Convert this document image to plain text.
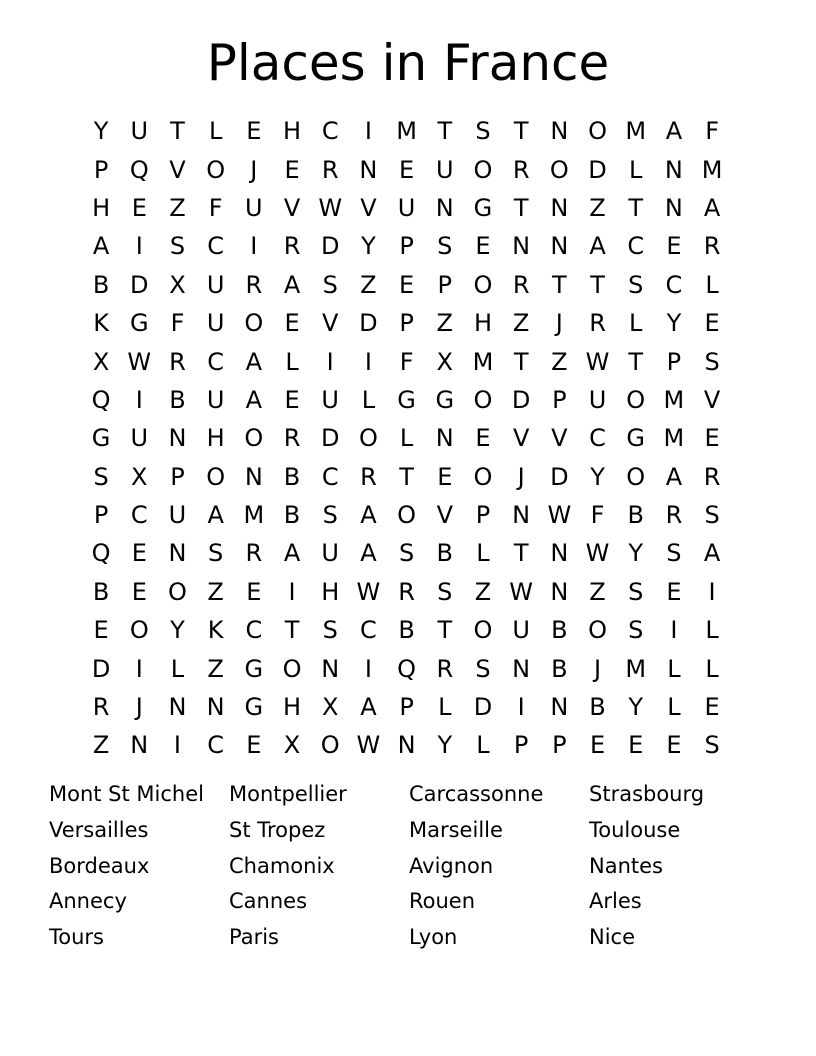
Places in France
Y U T	L E H C	I	M T S T N O M A F
P Q V O	J	E R N E U O R O D L N M
H E Z F U V W V U N G T N Z T N A
A	I	S C	I	R D Y P S E N N A C E R
B D X U R A S Z E P O R T T S C L
K G F U O E V D P Z H Z	J	R L	Y E
X W R C A L	I	I	F X M T Z W T P S
Q	I	B U A E U L G G O D P U O M V
G U N H O R D O L N E V V C G M E
S X P O N B C R T E O	J	D Y O A R
P C U A M B S A O V P N W F B R S
Q E N S R A U A S B L	T N W Y S A
B E O Z E	I	H W R S Z W N Z S E	I
E O Y K C T S C B T O U B O S	I	L
D	I	L Z G O N	I	Q R S N B	J	M L	L
R	J	N N G H X A P	L D	I	N B Y	L E
Z N	I	C E X O W N Y	L	P P E E E S
Mont St Michel	Montpellier	Carcassonne	Strasbourg
Versailles	St Tropez	Marseille	Toulouse
Bordeaux	Chamonix	Avignon	Nantes
Annecy	Cannes	Rouen	Arles
Tours	Paris	Lyon	Nice
